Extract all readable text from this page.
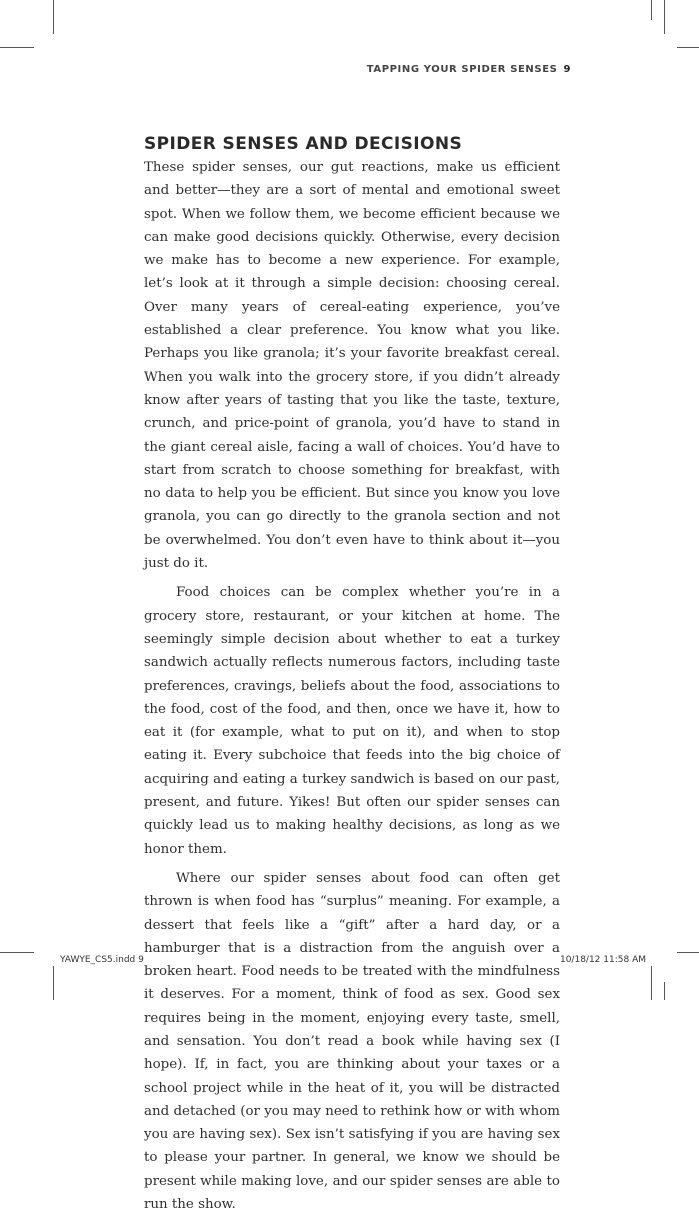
TAPPING YOUR SPIDER SENSES 9
SPIDER SENSES AND DECISIONS

These spider senses, our gut reactions, make us efficient and better—they are a sort of mental and emotional sweet spot. When we follow them, we become efficient because we can make good decisions quickly. Otherwise, every decision we make has to become a new experience. For example, let’s look at it through a simple decision: choosing cereal. Over many years of cereal-eating experience, you’ve established a clear preference. You know what you like. Perhaps you like granola; it’s your favorite breakfast cereal. When you walk into the grocery store, if you didn’t already know after years of tasting that you like the taste, texture, crunch, and price-point of granola, you’d have to stand in the giant cereal aisle, facing a wall of choices. You’d have to start from scratch to choose something for breakfast, with no data to help you be efficient. But since you know you love granola, you can go directly to the granola section and not be overwhelmed. You don’t even have to think about it—you just do it.

Food choices can be complex whether you’re in a grocery store, restaurant, or your kitchen at home. The seemingly simple decision about whether to eat a turkey sandwich actually reflects numerous factors, including taste preferences, cravings, beliefs about the food, associations to the food, cost of the food, and then, once we have it, how to eat it (for example, what to put on it), and when to stop eating it. Every subchoice that feeds into the big choice of acquiring and eating a turkey sandwich is based on our past, present, and future. Yikes! But often our spider senses can quickly lead us to making healthy decisions, as long as we honor them.

Where our spider senses about food can often get thrown is when food has “surplus” meaning. For example, a dessert that feels like a “gift” after a hard day, or a hamburger that is a distraction from the anguish over a broken heart. Food needs to be treated with the mindfulness it deserves. For a moment, think of food as sex. Good sex requires being in the moment, enjoying every taste, smell, and sensation. You don’t read a book while having sex (I hope). If, in fact, you are thinking about your taxes or a school project while in the heat of it, you will be distracted and detached (or you may need to rethink how or with whom you are having sex). Sex isn’t satisfying if you are having sex to please your partner. In general, we know we should be present while making love, and our spider senses are able to run the show.

YAWYE_CS5.indd 9	10/18/12 11:58 AM
